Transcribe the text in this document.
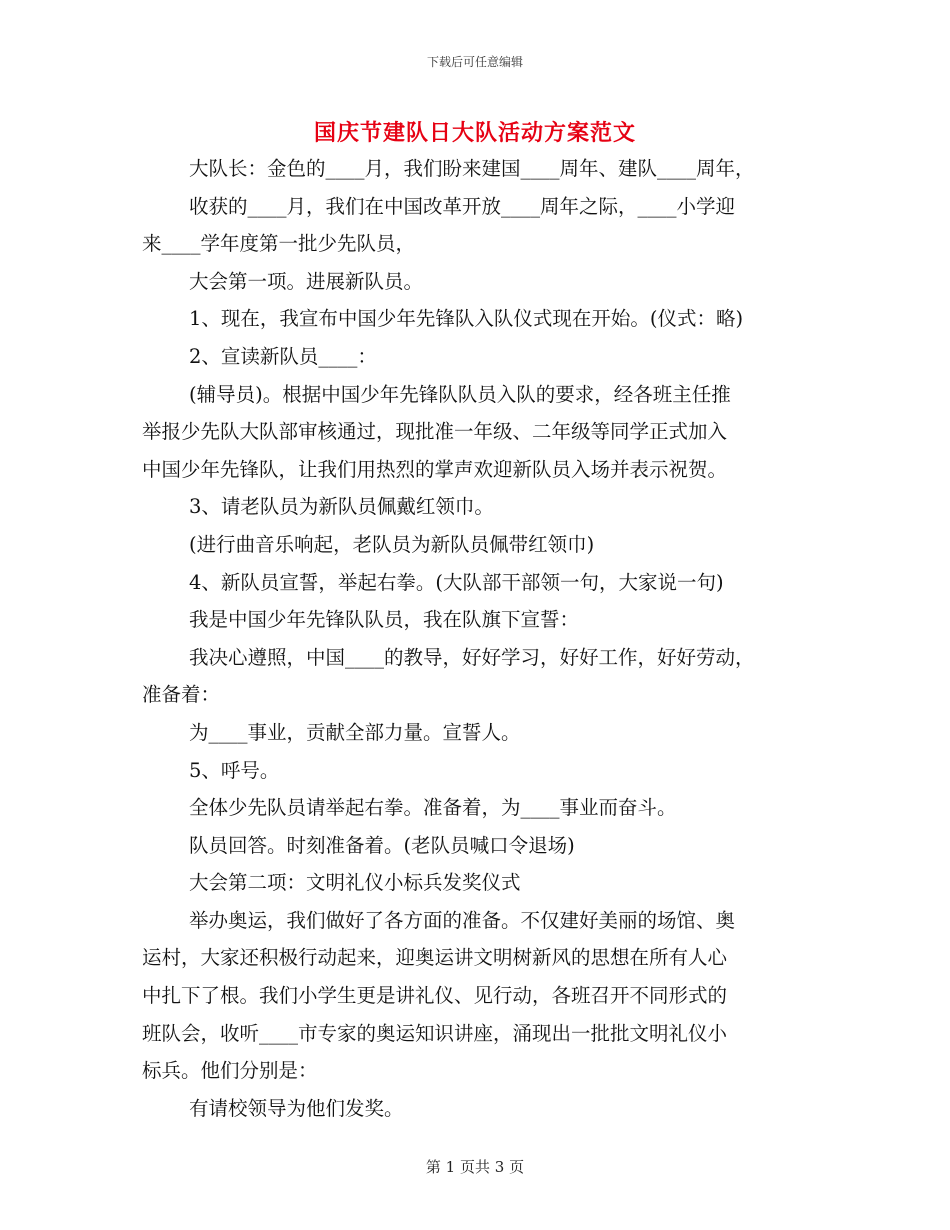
下载后可任意编辑
国庆节建队日大队活动方案范文
大队长：金色的____月，我们盼来建国____周年、建队____周年，
收获的____月，我们在中国改革开放____周年之际，____小学迎
来____学年度第一批少先队员，
大会第一项。进展新队员。
1、现在，我宣布中国少年先锋队入队仪式现在开始。(仪式：略)
2、宣读新队员____：
(辅导员)。根据中国少年先锋队队员入队的要求，经各班主任推
举报少先队大队部审核通过，现批准一年级、二年级等同学正式加入
中国少年先锋队，让我们用热烈的掌声欢迎新队员入场并表示祝贺。
3、请老队员为新队员佩戴红领巾。
(进行曲音乐响起，老队员为新队员佩带红领巾)
4、新队员宣誓，举起右拳。(大队部干部领一句，大家说一句)
我是中国少年先锋队队员，我在队旗下宣誓：
我决心遵照，中国____的教导，好好学习，好好工作，好好劳动，
准备着：
为____事业，贡献全部力量。宣誓人。
5、呼号。
全体少先队员请举起右拳。准备着，为____事业而奋斗。
队员回答。时刻准备着。(老队员喊口令退场)
大会第二项：文明礼仪小标兵发奖仪式
举办奥运，我们做好了各方面的准备。不仅建好美丽的场馆、奥
运村，大家还积极行动起来，迎奥运讲文明树新风的思想在所有人心
中扎下了根。我们小学生更是讲礼仪、见行动，各班召开不同形式的
班队会，收听____市专家的奥运知识讲座，涌现出一批批文明礼仪小
标兵。他们分别是：
有请校领导为他们发奖。
第 1 页共 3 页
